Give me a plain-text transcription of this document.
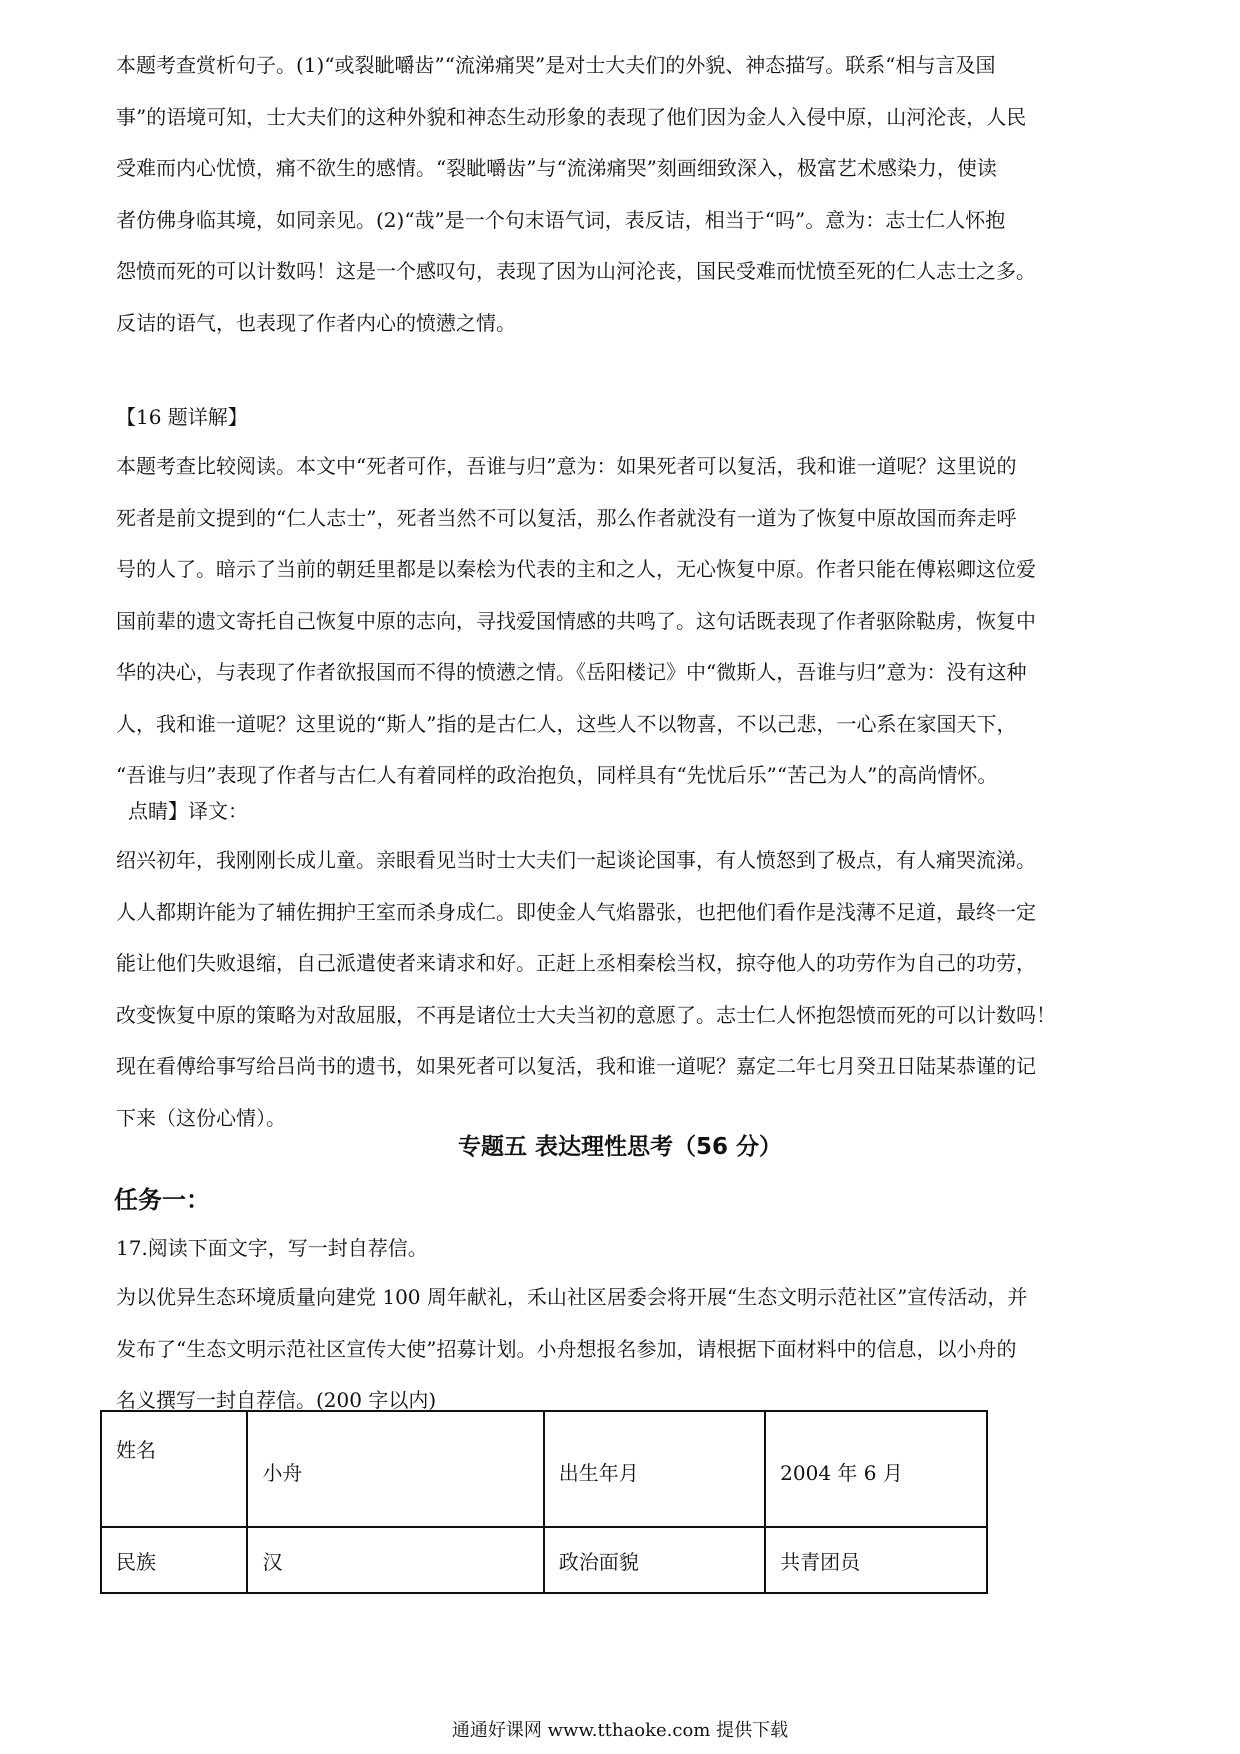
本题考查赏析句子。(1)“或裂眦嚼齿”“流涕痛哭”是对士大夫们的外貌、神态描写。联系“相与言及国
事”的语境可知，士大夫们的这种外貌和神态生动形象的表现了他们因为金人入侵中原，山河沦丧，人民
受难而内心忧愤，痛不欲生的感情。“裂眦嚼齿”与“流涕痛哭”刻画细致深入，极富艺术感染力，使读
者仿佛身临其境，如同亲见。(2)“哉”是一个句末语气词，表反诘，相当于“吗”。意为：志士仁人怀抱
怨愤而死的可以计数吗！这是一个感叹句，表现了因为山河沦丧，国民受难而忧愤至死的仁人志士之多。
反诘的语气，也表现了作者内心的愤懑之情。
【16 题详解】
本题考查比较阅读。本文中“死者可作，吾谁与归”意为：如果死者可以复活，我和谁一道呢？这里说的
死者是前文提到的“仁人志士”，死者当然不可以复活，那么作者就没有一道为了恢复中原故国而奔走呼
号的人了。暗示了当前的朝廷里都是以秦桧为代表的主和之人，无心恢复中原。作者只能在傅崧卿这位爱
国前辈的遗文寄托自己恢复中原的志向，寻找爱国情感的共鸣了。这句话既表现了作者驱除鞑虏，恢复中
华的决心，与表现了作者欲报国而不得的愤懑之情。《岳阳楼记》中“微斯人，吾谁与归”意为：没有这种
人，我和谁一道呢？这里说的“斯人”指的是古仁人，这些人不以物喜，不以己悲，一心系在家国天下，
“吾谁与归”表现了作者与古仁人有着同样的政治抱负，同样具有“先忧后乐”“苦己为人”的高尚情怀。
点睛】译文：
绍兴初年，我刚刚长成儿童。亲眼看见当时士大夫们一起谈论国事，有人愤怒到了极点，有人痛哭流涕。
人人都期许能为了辅佐拥护王室而杀身成仁。即使金人气焰嚣张，也把他们看作是浅薄不足道，最终一定
能让他们失败退缩，自己派遣使者来请求和好。正赶上丞相秦桧当权，掠夺他人的功劳作为自己的功劳，
改变恢复中原的策略为对敌屈服，不再是诸位士大夫当初的意愿了。志士仁人怀抱怨愤而死的可以计数吗！
现在看傅给事写给吕尚书的遗书，如果死者可以复活，我和谁一道呢？嘉定二年七月癸丑日陆某恭谨的记
下来（这份心情）。
专题五 表达理性思考（56 分）
任务一：
17.阅读下面文字，写一封自荐信。
为以优异生态环境质量向建党 100 周年献礼，禾山社区居委会将开展“生态文明示范社区”宣传活动，并
发布了“生态文明示范社区宣传大使”招募计划。小舟想报名参加，请根据下面材料中的信息，以小舟的
名义撰写一封自荐信。(200 字以内)
姓名	小舟	出生年月	2004 年 6 月

民族	汉	政治面貌	共青团员
通通好课网 www.tthaoke.com 提供下载
